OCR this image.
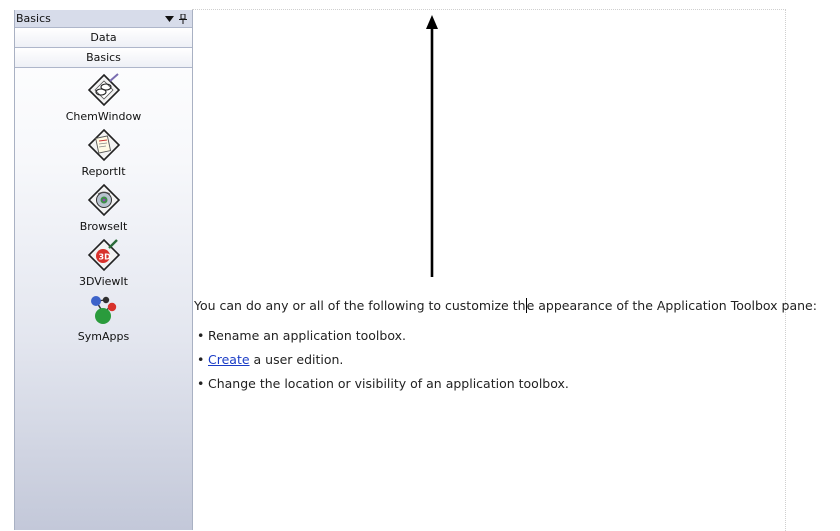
Basics
Data
Basics
ChemWindow
ReportIt
BrowseIt
3D
3DViewIt
SymApps

You can do any or all of the following to customize the appearance of the Application Toolbox pane:

• Rename an application toolbox.
• Create a user edition.
• Change the location or visibility of an application toolbox.
